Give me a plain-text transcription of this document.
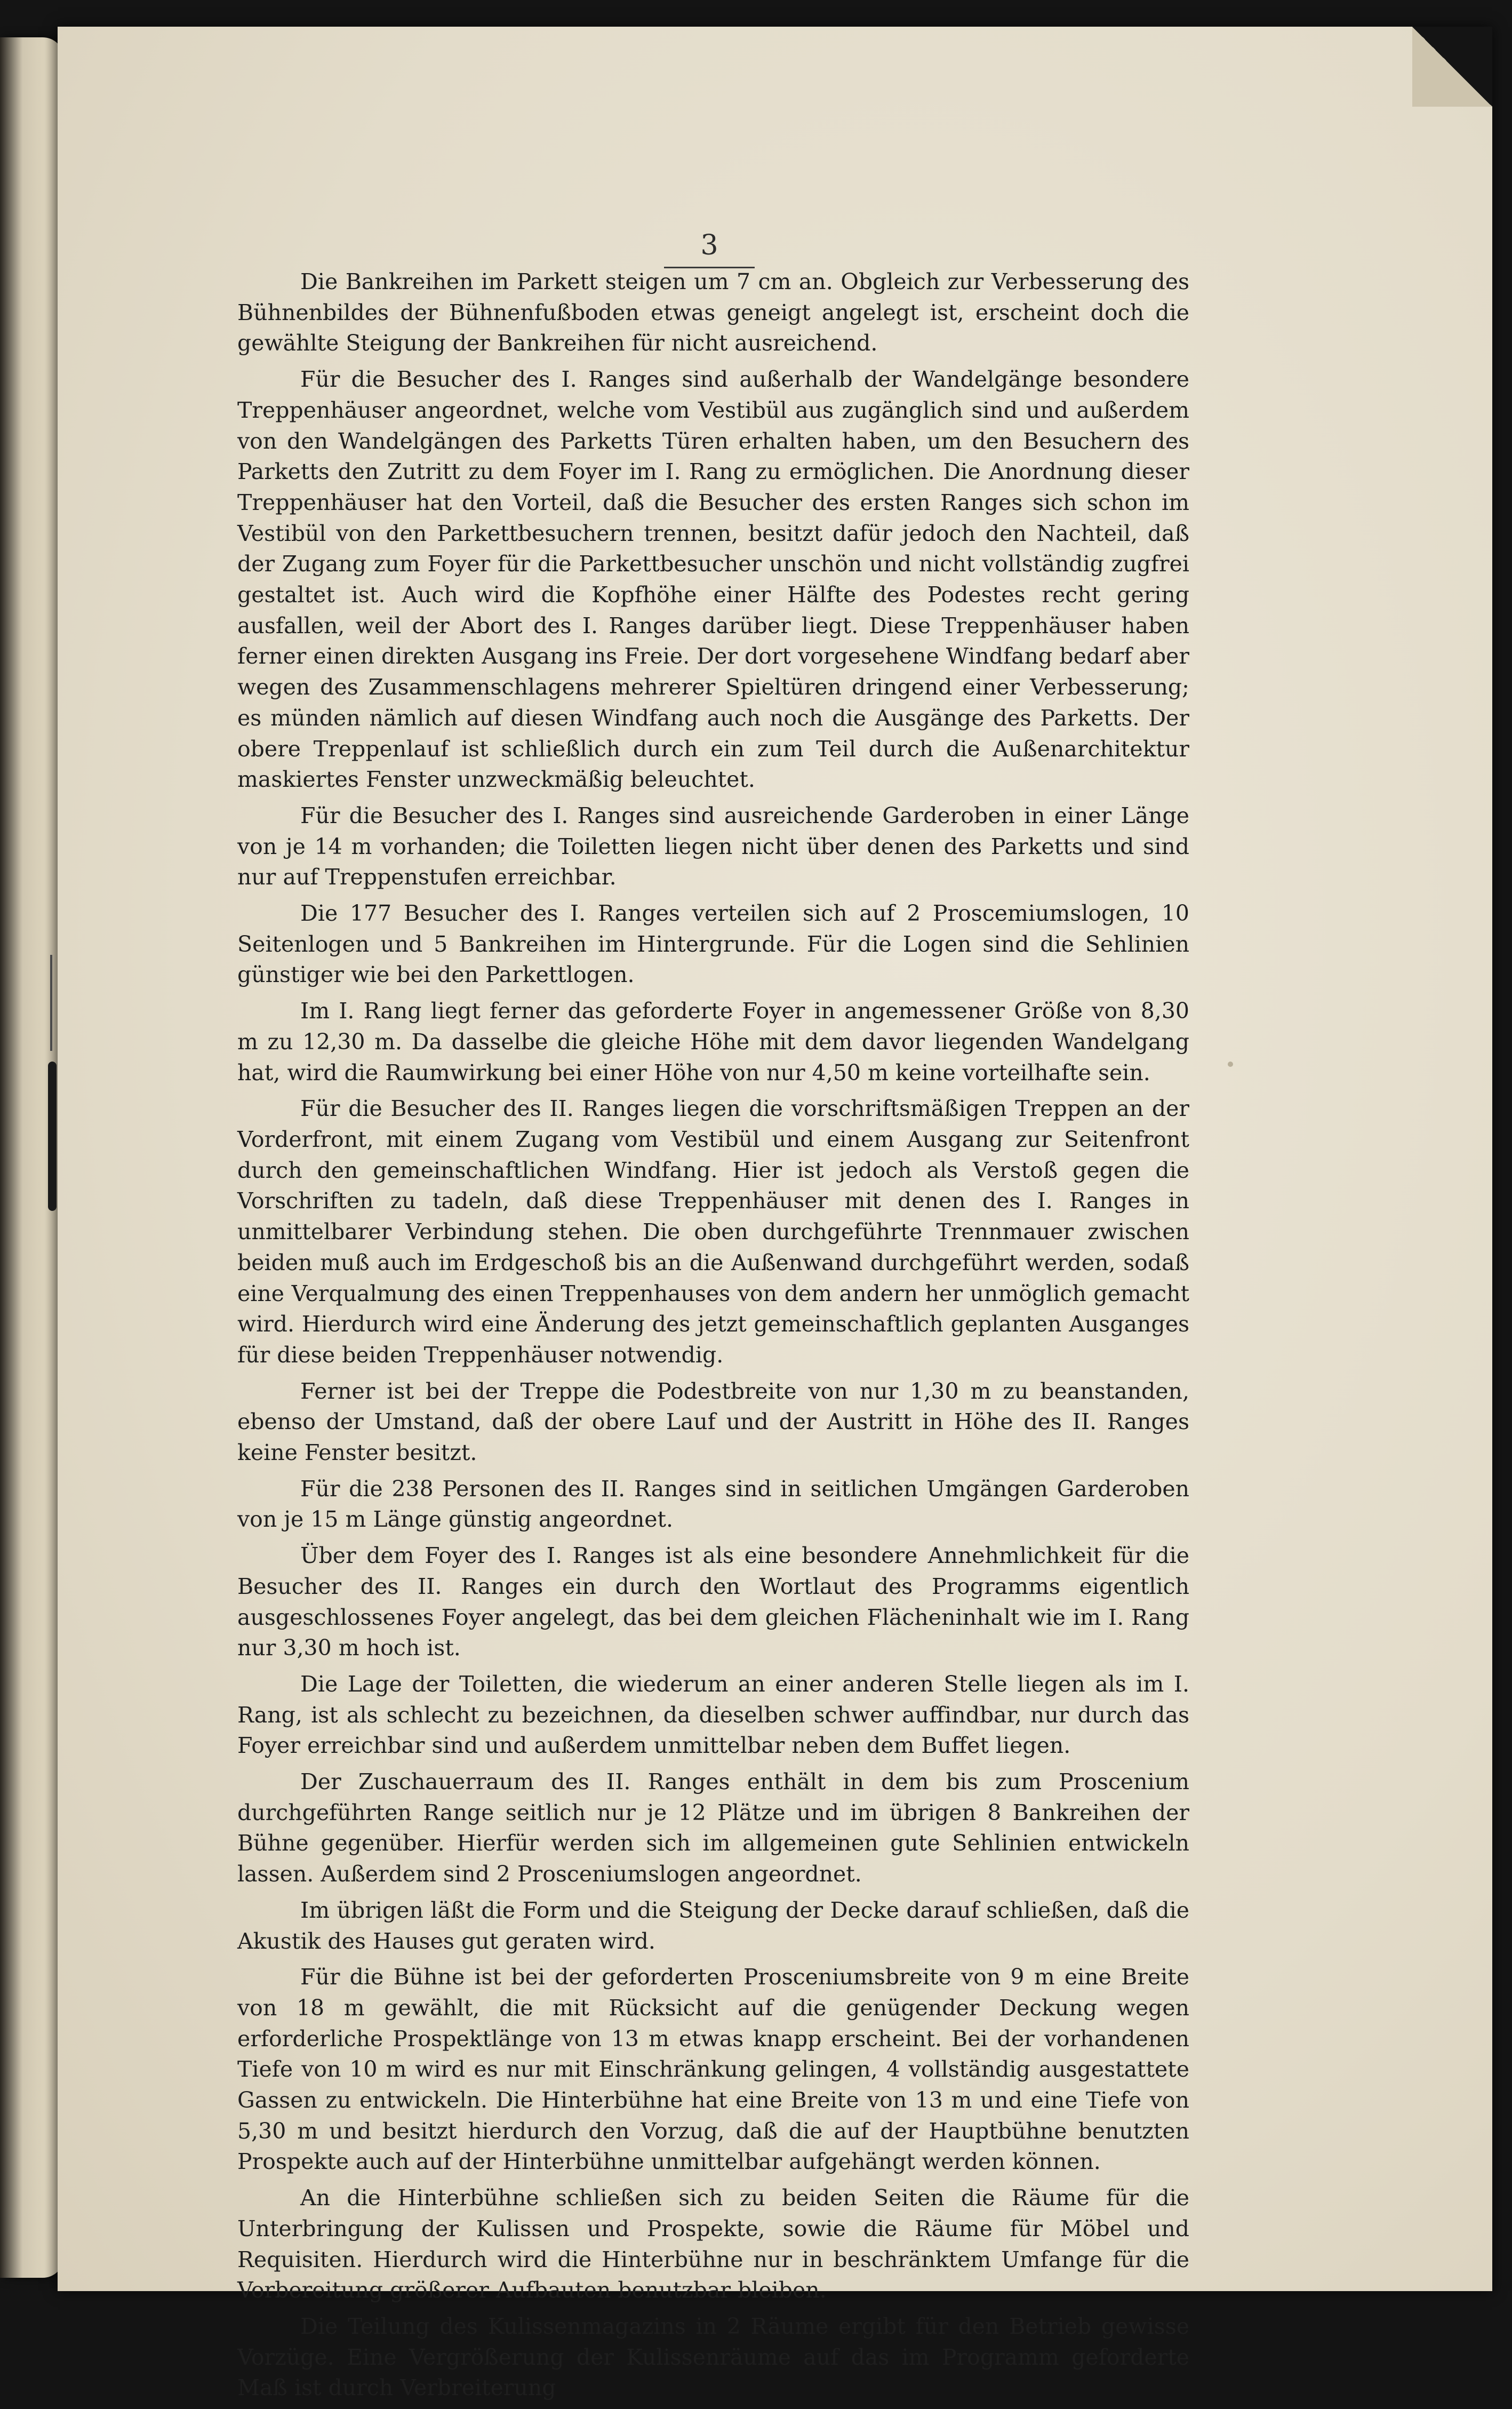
3

Die Bankreihen im Parkett steigen um 7 cm an. Obgleich zur Verbesserung des Bühnenbildes der Bühnenfußboden etwas geneigt angelegt ist, erscheint doch die gewählte Steigung der Bankreihen für nicht ausreichend.

Für die Besucher des I. Ranges sind außerhalb der Wandelgänge besondere Treppenhäuser angeordnet, welche vom Vestibül aus zugänglich sind und außerdem von den Wandelgängen des Parketts Türen erhalten haben, um den Besuchern des Parketts den Zutritt zu dem Foyer im I. Rang zu ermöglichen. Die Anordnung dieser Treppenhäuser hat den Vorteil, daß die Besucher des ersten Ranges sich schon im Vestibül von den Parkettbesuchern trennen, besitzt dafür jedoch den Nachteil, daß der Zugang zum Foyer für die Parkettbesucher unschön und nicht vollständig zugfrei gestaltet ist. Auch wird die Kopfhöhe einer Hälfte des Podestes recht gering ausfallen, weil der Abort des I. Ranges darüber liegt. Diese Treppenhäuser haben ferner einen direkten Ausgang ins Freie. Der dort vorgesehene Windfang bedarf aber wegen des Zusammenschlagens mehrerer Spieltüren dringend einer Verbesserung; es münden nämlich auf diesen Windfang auch noch die Ausgänge des Parketts. Der obere Treppenlauf ist schließlich durch ein zum Teil durch die Außenarchitektur maskiertes Fenster unzweckmäßig beleuchtet.

Für die Besucher des I. Ranges sind ausreichende Garderoben in einer Länge von je 14 m vorhanden; die Toiletten liegen nicht über denen des Parketts und sind nur auf Treppenstufen erreichbar.

Die 177 Besucher des I. Ranges verteilen sich auf 2 Proscemiumslogen, 10 Seitenlogen und 5 Bankreihen im Hintergrunde. Für die Logen sind die Sehlinien günstiger wie bei den Parkettlogen.

Im I. Rang liegt ferner das geforderte Foyer in angemessener Größe von 8,30 m zu 12,30 m. Da dasselbe die gleiche Höhe mit dem davor liegenden Wandelgang hat, wird die Raumwirkung bei einer Höhe von nur 4,50 m keine vorteilhafte sein.

Für die Besucher des II. Ranges liegen die vorschriftsmäßigen Treppen an der Vorderfront, mit einem Zugang vom Vestibül und einem Ausgang zur Seitenfront durch den gemeinschaftlichen Windfang. Hier ist jedoch als Verstoß gegen die Vorschriften zu tadeln, daß diese Treppenhäuser mit denen des I. Ranges in unmittelbarer Verbindung stehen. Die oben durchgeführte Trennmauer zwischen beiden muß auch im Erdgeschoß bis an die Außenwand durchgeführt werden, sodaß eine Verqualmung des einen Treppenhauses von dem andern her unmöglich gemacht wird. Hierdurch wird eine Änderung des jetzt gemeinschaftlich geplanten Ausganges für diese beiden Treppenhäuser notwendig.

Ferner ist bei der Treppe die Podestbreite von nur 1,30 m zu beanstanden, ebenso der Umstand, daß der obere Lauf und der Austritt in Höhe des II. Ranges keine Fenster besitzt.

Für die 238 Personen des II. Ranges sind in seitlichen Umgängen Garderoben von je 15 m Länge günstig angeordnet.

Über dem Foyer des I. Ranges ist als eine besondere Annehmlichkeit für die Besucher des II. Ranges ein durch den Wortlaut des Programms eigentlich ausgeschlossenes Foyer angelegt, das bei dem gleichen Flächeninhalt wie im I. Rang nur 3,30 m hoch ist.

Die Lage der Toiletten, die wiederum an einer anderen Stelle liegen als im I. Rang, ist als schlecht zu bezeichnen, da dieselben schwer auffindbar, nur durch das Foyer erreichbar sind und außerdem unmittelbar neben dem Buffet liegen.

Der Zuschauerraum des II. Ranges enthält in dem bis zum Proscenium durchgeführten Range seitlich nur je 12 Plätze und im übrigen 8 Bankreihen der Bühne gegenüber. Hierfür werden sich im allgemeinen gute Sehlinien entwickeln lassen. Außerdem sind 2 Prosceniumslogen angeordnet.

Im übrigen läßt die Form und die Steigung der Decke darauf schließen, daß die Akustik des Hauses gut geraten wird.

Für die Bühne ist bei der geforderten Prosceniumsbreite von 9 m eine Breite von 18 m gewählt, die mit Rücksicht auf die genügender Deckung wegen erforderliche Prospektlänge von 13 m etwas knapp erscheint. Bei der vorhandenen Tiefe von 10 m wird es nur mit Einschränkung gelingen, 4 vollständig ausgestattete Gassen zu entwickeln. Die Hinterbühne hat eine Breite von 13 m und eine Tiefe von 5,30 m und besitzt hierdurch den Vorzug, daß die auf der Hauptbühne benutzten Prospekte auch auf der Hinterbühne unmittelbar aufgehängt werden können.

An die Hinterbühne schließen sich zu beiden Seiten die Räume für die Unterbringung der Kulissen und Prospekte, sowie die Räume für Möbel und Requisiten. Hierdurch wird die Hinterbühne nur in beschränktem Umfange für die Vorbereitung größerer Aufbauten benutzbar bleiben.

Die Teilung des Kulissenmagazins in 2 Räume ergibt für den Betrieb gewisse Vorzüge. Eine Vergrößerung der Kulissenräume auf das im Programm geforderte Maß ist durch Verbreiterung
